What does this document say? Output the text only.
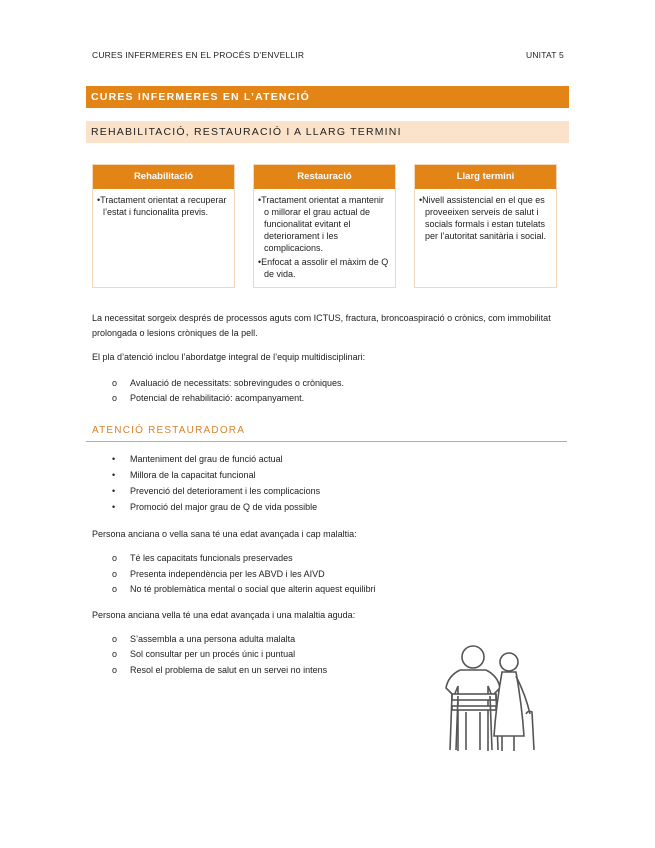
CURES INFERMERES EN EL PROCÉS D’ENVELLIR	UNITAT 5
CURES INFERMERES EN L’ATENCIÓ
REHABILITACIÓ, RESTAURACIÓ I A LLARG TERMINI
Rehabilitació
• Tractament orientat a recuperar l’estat i funcionalita previs.
Restauració
• Tractament orientat a mantenir o millorar el grau actual de funcionalitat evitant el deteriorament i les complicacions.
• Enfocat a assolir el màxim de Q de vida.
Llarg termini
• Nivell assistencial en el que es proveeixen serveis de salut i socials formals i estan tutelats per l’autoritat sanitària i social.
La necessitat sorgeix després de processos aguts com ICTUS, fractura, broncoaspiració o crònics, com immobilitat prolongada o lesions cròniques de la pell.
El pla d’atenció inclou l’abordatge integral de l’equip multidisciplinari:
o Avaluació de necessitats: sobrevingudes o cròniques.
o Potencial de rehabilitació: acompanyament.
ATENCIÓ RESTAURADORA
• Manteniment del grau de funció actual
• Millora de la capacitat funcional
• Prevenció del deteriorament i les complicacions
• Promoció del major grau de Q de vida possible
Persona anciana o vella sana té una edat avançada i cap malaltia:
o Té les capacitats funcionals preservades
o Presenta independència per les ABVD i les AIVD
o No té problemàtica mental o social que alterin aquest equilibri
Persona anciana vella té una edat avançada i una malaltia aguda:
o S’assembla a una persona adulta malalta
o Sol consultar per un procés únic i puntual
o Resol el problema de salut en un servei no intens
